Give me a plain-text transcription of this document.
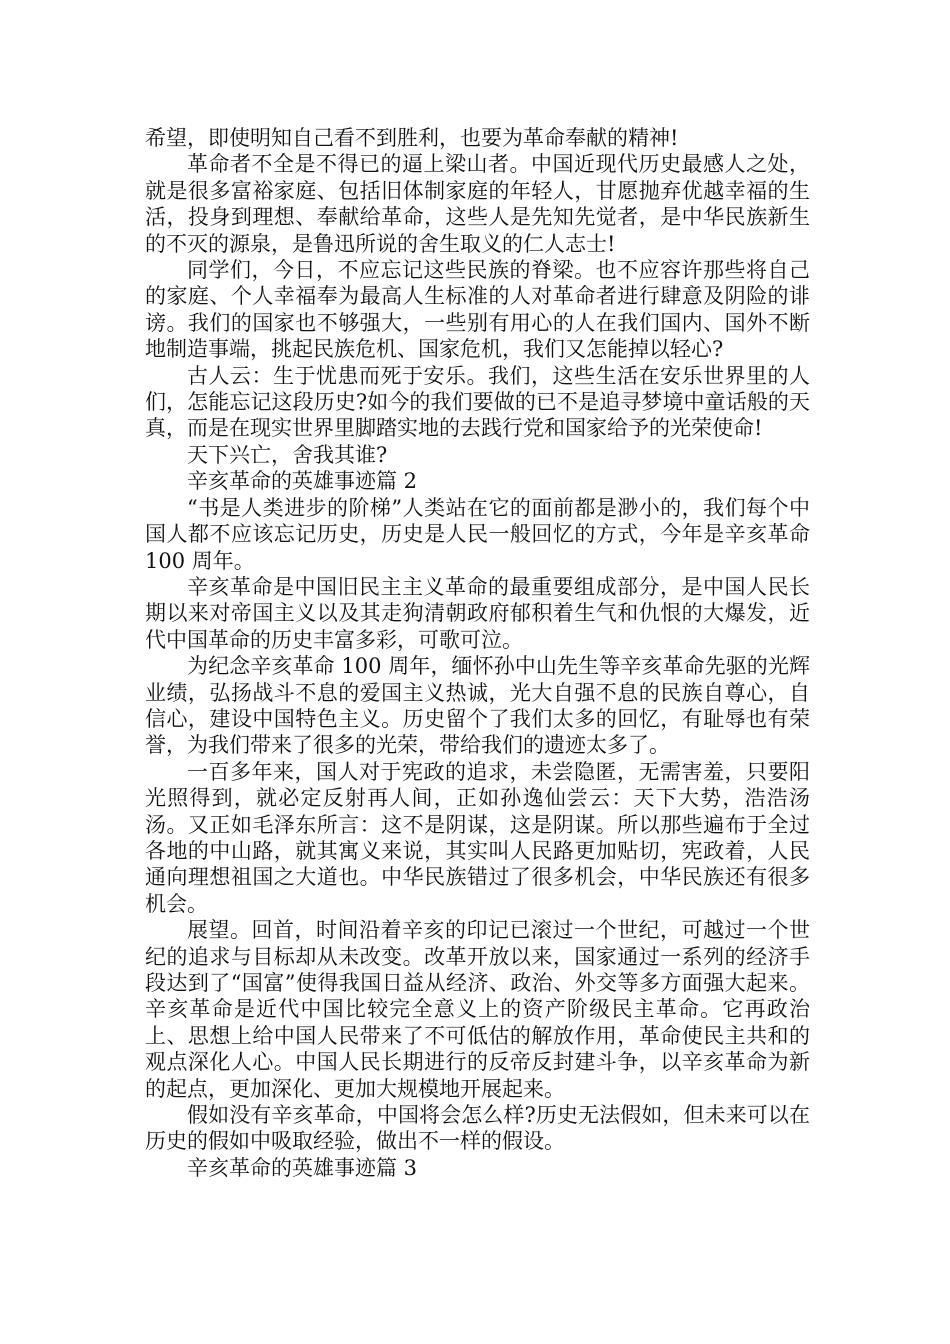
希望，即使明知自己看不到胜利，也要为革命奉献的精神!

革命者不全是不得已的逼上梁山者。中国近现代历史最感人之处，就是很多富裕家庭、包括旧体制家庭的年轻人，甘愿抛弃优越幸福的生活，投身到理想、奉献给革命，这些人是先知先觉者，是中华民族新生的不灭的源泉，是鲁迅所说的舍生取义的仁人志士!

同学们，今日，不应忘记这些民族的脊梁。也不应容许那些将自己的家庭、个人幸福奉为最高人生标准的人对革命者进行肆意及阴险的诽谤。我们的国家也不够强大，一些别有用心的人在我们国内、国外不断地制造事端，挑起民族危机、国家危机，我们又怎能掉以轻心?

古人云：生于忧患而死于安乐。我们，这些生活在安乐世界里的人们，怎能忘记这段历史?如今的我们要做的已不是追寻梦境中童话般的天真，而是在现实世界里脚踏实地的去践行党和国家给予的光荣使命!

天下兴亡，舍我其谁?

辛亥革命的英雄事迹篇 2

“书是人类进步的阶梯”人类站在它的面前都是渺小的，我们每个中国人都不应该忘记历史，历史是人民一般回忆的方式，今年是辛亥革命 100 周年。

辛亥革命是中国旧民主主义革命的最重要组成部分，是中国人民长期以来对帝国主义以及其走狗清朝政府郁积着生气和仇恨的大爆发，近代中国革命的历史丰富多彩，可歌可泣。

为纪念辛亥革命 100 周年，缅怀孙中山先生等辛亥革命先驱的光辉业绩，弘扬战斗不息的爱国主义热诚，光大自强不息的民族自尊心，自信心，建设中国特色主义。历史留个了我们太多的回忆，有耻辱也有荣誉，为我们带来了很多的光荣，带给我们的遗迹太多了。

一百多年来，国人对于宪政的追求，未尝隐匿，无需害羞，只要阳光照得到，就必定反射再人间，正如孙逸仙尝云：天下大势，浩浩汤汤。又正如毛泽东所言：这不是阴谋，这是阴谋。所以那些遍布于全过各地的中山路，就其寓义来说，其实叫人民路更加贴切，宪政着，人民通向理想祖国之大道也。中华民族错过了很多机会，中华民族还有很多机会。

展望。回首，时间沿着辛亥的印记已滚过一个世纪，可越过一个世纪的追求与目标却从未改变。改革开放以来，国家通过一系列的经济手段达到了“国富”使得我国日益从经济、政治、外交等多方面强大起来。辛亥革命是近代中国比较完全意义上的资产阶级民主革命。它再政治上、思想上给中国人民带来了不可低估的解放作用，革命使民主共和的观点深化人心。中国人民长期进行的反帝反封建斗争，以辛亥革命为新的起点，更加深化、更加大规模地开展起来。

假如没有辛亥革命，中国将会怎么样?历史无法假如，但未来可以在历史的假如中吸取经验，做出不一样的假设。

辛亥革命的英雄事迹篇 3
